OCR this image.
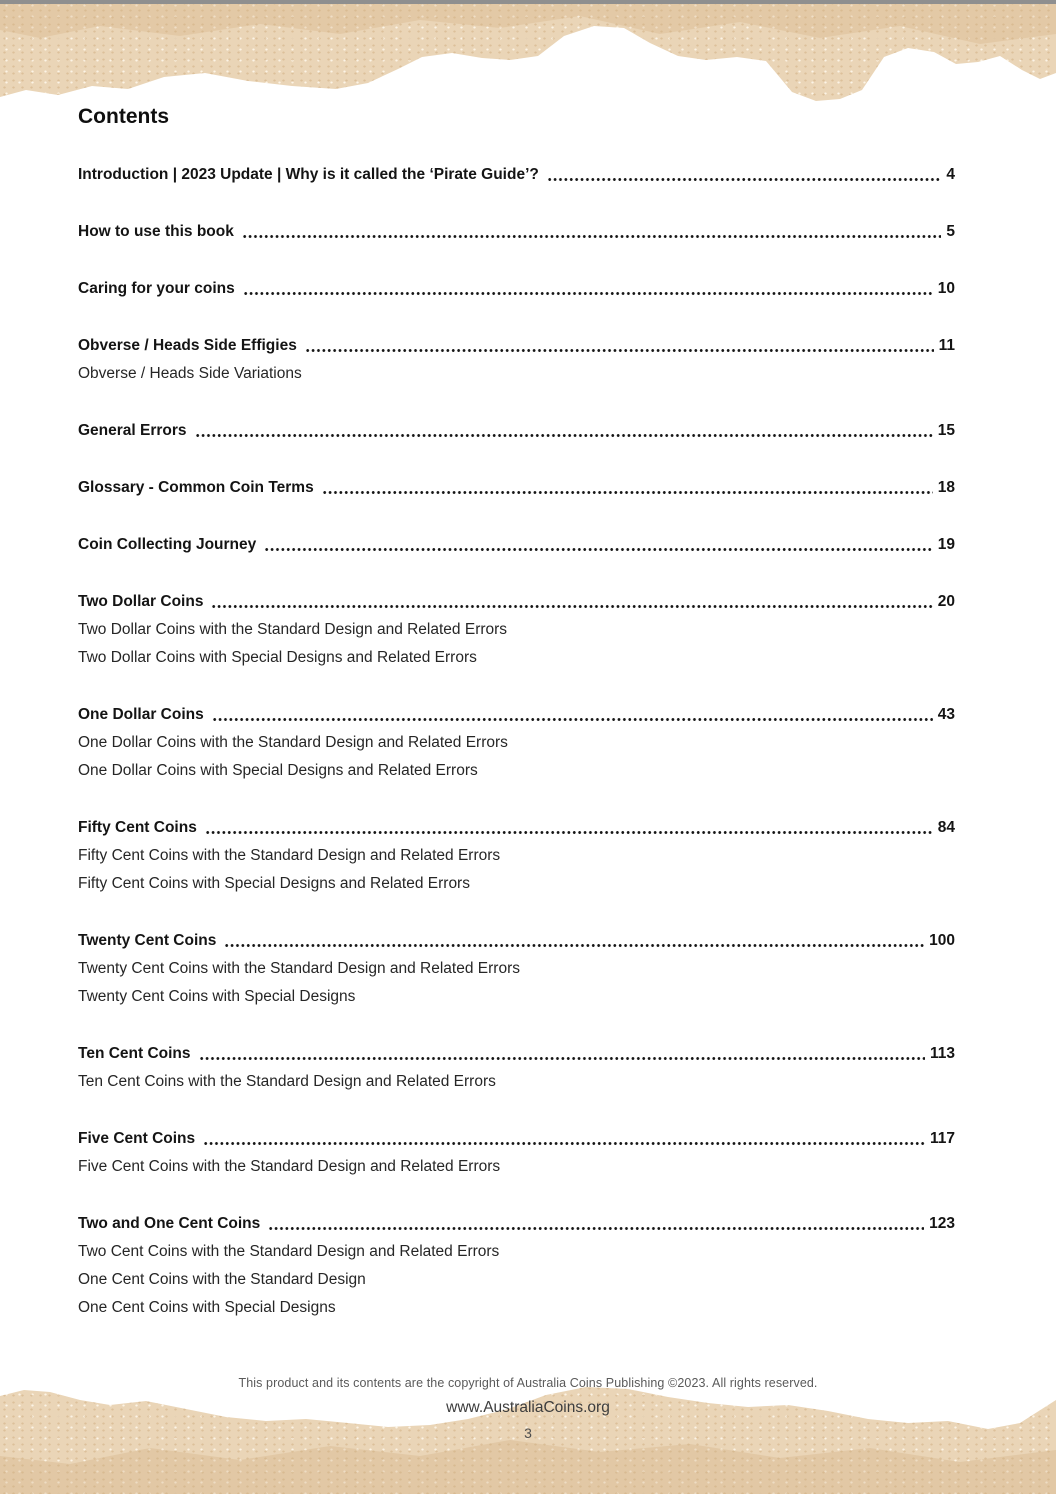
Contents
Introduction | 2023 Update | Why is it called the ‘Pirate Guide’?	4
How to use this book	5
Caring for your coins	10
Obverse / Heads Side Effigies	11
Obverse / Heads Side Variations
General Errors	15
Glossary - Common Coin Terms	18
Coin Collecting Journey	19
Two Dollar Coins	20
Two Dollar Coins with the Standard Design and Related Errors
Two Dollar Coins with Special Designs and Related Errors
One Dollar Coins	43
One Dollar Coins with the Standard Design and Related Errors
One Dollar Coins with Special Designs and Related Errors
Fifty Cent Coins	84
Fifty Cent Coins with the Standard Design and Related Errors
Fifty Cent Coins with Special Designs and Related Errors
Twenty Cent Coins	100
Twenty Cent Coins with the Standard Design and Related Errors
Twenty Cent Coins with Special Designs
Ten Cent Coins	113
Ten Cent Coins with the Standard Design and Related Errors
Five Cent Coins	117
Five Cent Coins with the Standard Design and Related Errors
Two and One Cent Coins	123
Two Cent Coins with the Standard Design and Related Errors
One Cent Coins with the Standard Design
One Cent Coins with Special Designs
This product and its contents are the copyright of Australia Coins Publishing ©2023. All rights reserved.
www.AustraliaCoins.org
3
